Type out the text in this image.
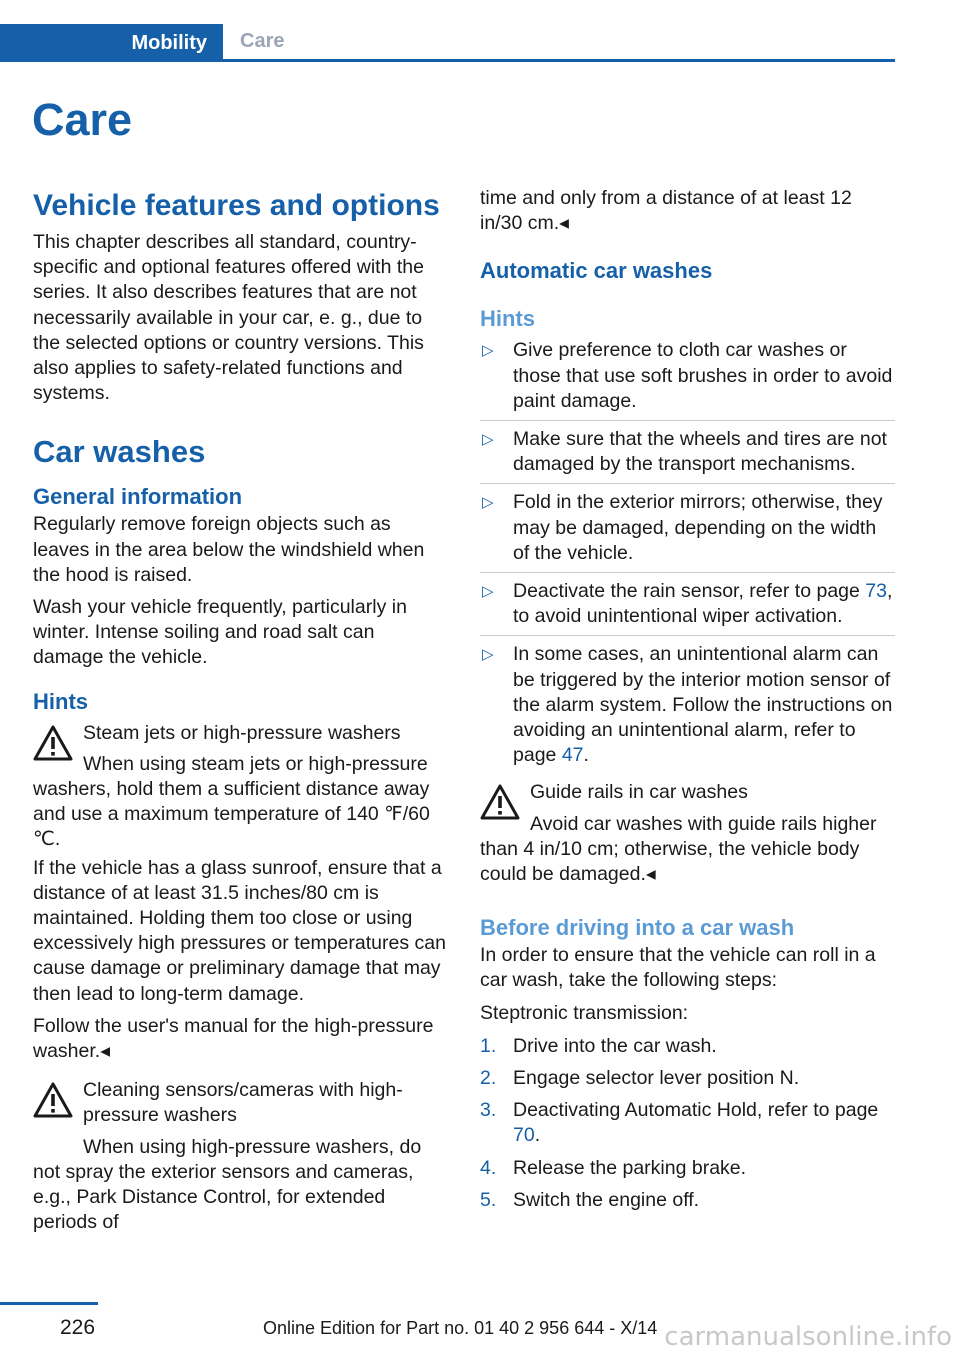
Mobility	Care
Care
Vehicle features and options

This chapter describes all standard, country-specific and optional features offered with the series. It also describes features that are not necessarily available in your car, e. g., due to the selected options or country versions. This also applies to safety-related functions and systems.

Car washes
General information

Regularly remove foreign objects such as leaves in the area below the windshield when the hood is raised.

Wash your vehicle frequently, particularly in winter. Intense soiling and road salt can damage the vehicle.

Hints
Steam jets or high-pressure washers
When using steam jets or high-pressure washers, hold them a sufficient distance away and use a maximum temperature of 140 ℉/60 ℃.

If the vehicle has a glass sunroof, ensure that a distance of at least 31.5 inches/80 cm is maintained. Holding them too close or using excessively high pressures or temperatures can cause damage or preliminary damage that may then lead to long-term damage.

Follow the user's manual for the high-pressure washer.◂

Cleaning sensors/cameras with high-pressure washers
When using high-pressure washers, do not spray the exterior sensors and cameras, e.g., Park Distance Control, for extended periods of

time and only from a distance of at least 12 in/30 cm.◂

Automatic car washes
Hints
▷ Give preference to cloth car washes or those that use soft brushes in order to avoid paint damage.
▷ Make sure that the wheels and tires are not damaged by the transport mechanisms.
▷ Fold in the exterior mirrors; otherwise, they may be damaged, depending on the width of the vehicle.
▷ Deactivate the rain sensor, refer to page 73, to avoid unintentional wiper activation.
▷ In some cases, an unintentional alarm can be triggered by the interior motion sensor of the alarm system. Follow the instructions on avoiding an unintentional alarm, refer to page 47.
Guide rails in car washes
Avoid car washes with guide rails higher than 4 in/10 cm; otherwise, the vehicle body could be damaged.◂
Before driving into a car wash

In order to ensure that the vehicle can roll in a car wash, take the following steps:

Steptronic transmission:

1. Drive into the car wash.
2. Engage selector lever position N.
3. Deactivating Automatic Hold, refer to page 70.
4. Release the parking brake.
5. Switch the engine off.
226	Online Edition for Part no. 01 40 2 956 644 - X/14 carmanualsonline.info
